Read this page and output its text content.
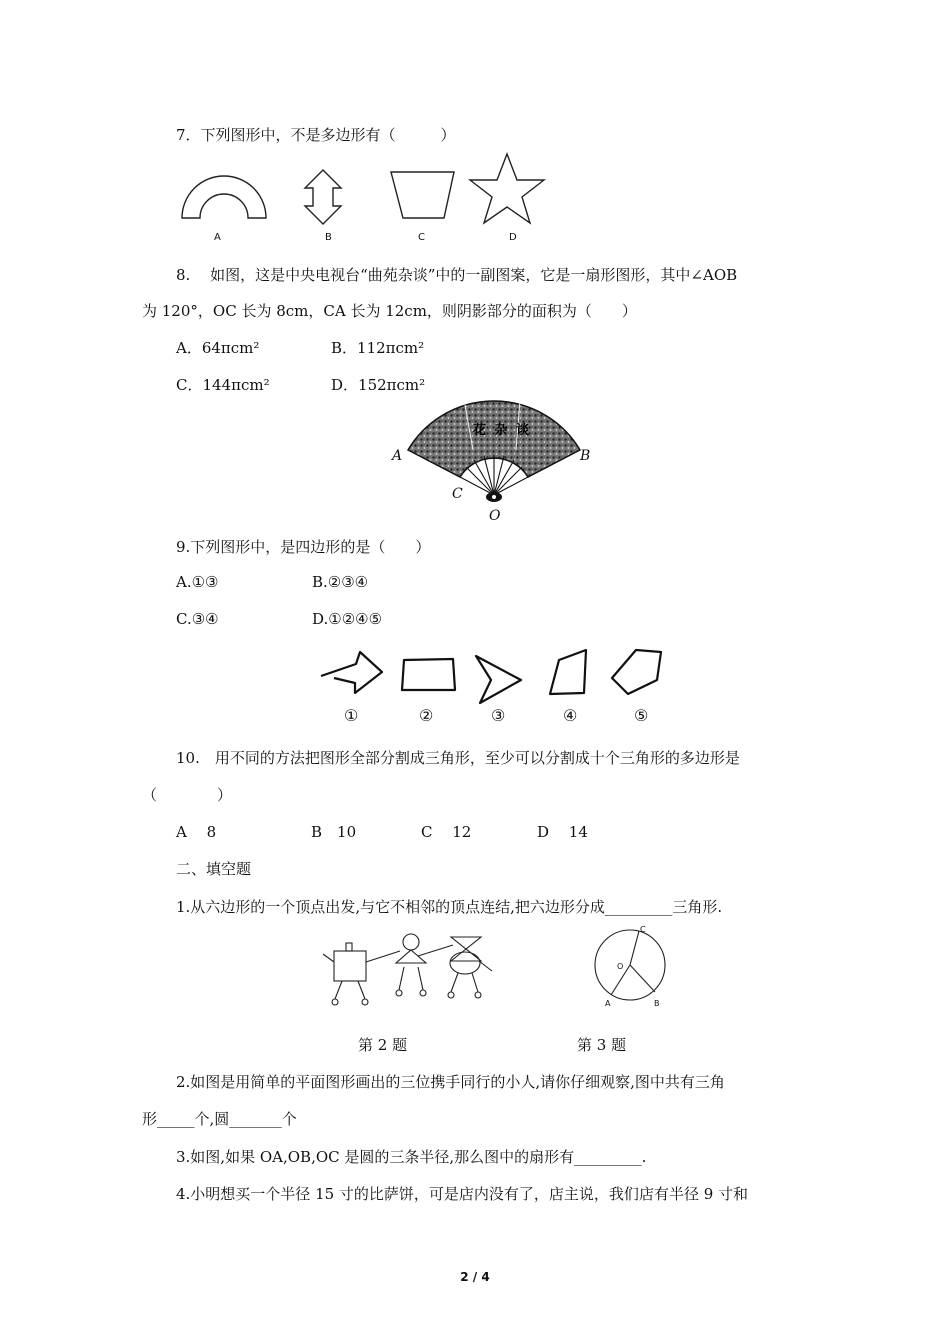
7．下列图形中，不是多边形有（　　　）
A	B	C	D
8.　 如图，这是中央电视台“曲苑杂谈”中的一副图案，它是一扇形图形，其中∠AOB
为 120°，OC 长为 8cm，CA 长为 12cm，则阴影部分的面积为（　　）
A．64πcm²	B．112πcm²
C．144πcm²	D．152πcm²
A	B
C
O
花 杂 谈
9.下列图形中，是四边形的是（　　）
A.①③	B.②③④
C.③④	D.①②④⑤
①	②	③	④	⑤
10.　用不同的方法把图形全部分割成三角形，至少可以分割成十个三角形的多边形是
（　　　　）
A　 8	B　10	C　 12	D　 14
二、填空题
1.从六边形的一个顶点出发,与它不相邻的顶点连结,把六边形分成_________三角形.
C
O
A	B
第 2 题	第 3 题
2.如图是用简单的平面图形画出的三位携手同行的小人,请你仔细观察,图中共有三角
形_____个,圆_______个
3.如图,如果 OA,OB,OC 是圆的三条半径,那么图中的扇形有_________.
4.小明想买一个半径 15 寸的比萨饼，可是店内没有了，店主说，我们店有半径 9 寸和
2 / 4
